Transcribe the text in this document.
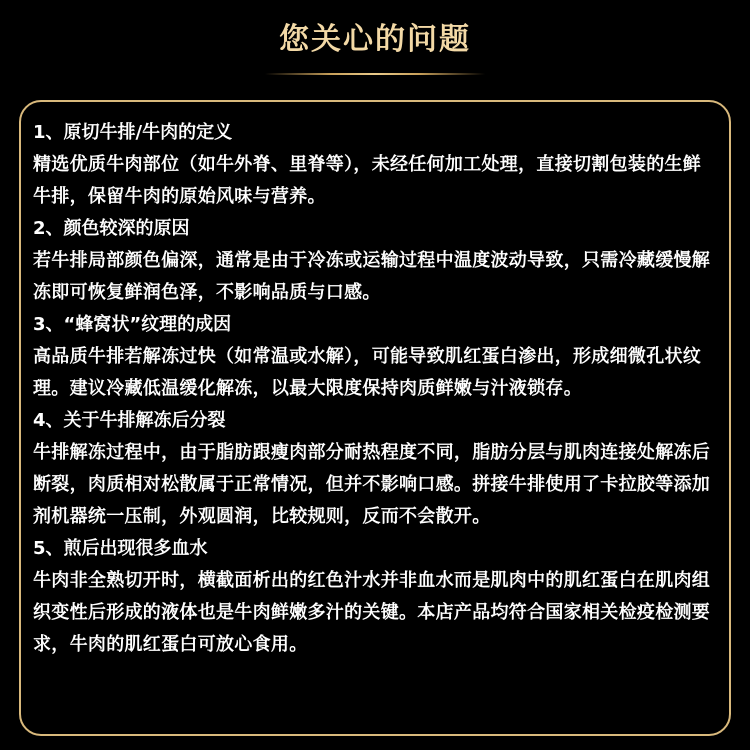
您关心的问题

1、原切牛排/牛肉的定义

精选优质牛肉部位（如牛外脊、里脊等），未经任何加工处理，直接切割包装的生鲜牛排，保留牛肉的原始风味与营养。

2、颜色较深的原因

若牛排局部颜色偏深，通常是由于冷冻或运输过程中温度波动导致，只需冷藏缓慢解冻即可恢复鲜润色泽，不影响品质与口感。

3、“蜂窝状”纹理的成因

高品质牛排若解冻过快（如常温或水解），可能导致肌红蛋白渗出，形成细微孔状纹理。建议冷藏低温缓化解冻，以最大限度保持肉质鲜嫩与汁液锁存。

4、关于牛排解冻后分裂

牛排解冻过程中，由于脂肪跟瘦肉部分耐热程度不同，脂肪分层与肌肉连接处解冻后断裂，肉质相对松散属于正常情况，但并不影响口感。拼接牛排使用了卡拉胶等添加剂机器统一压制，外观圆润，比较规则，反而不会散开。

5、煎后出现很多血水

牛肉非全熟切开时，横截面析出的红色汁水并非血水而是肌肉中的肌红蛋白在肌肉组织变性后形成的液体也是牛肉鲜嫩多汁的关键。本店产品均符合国家相关检疫检测要求，牛肉的肌红蛋白可放心食用。
